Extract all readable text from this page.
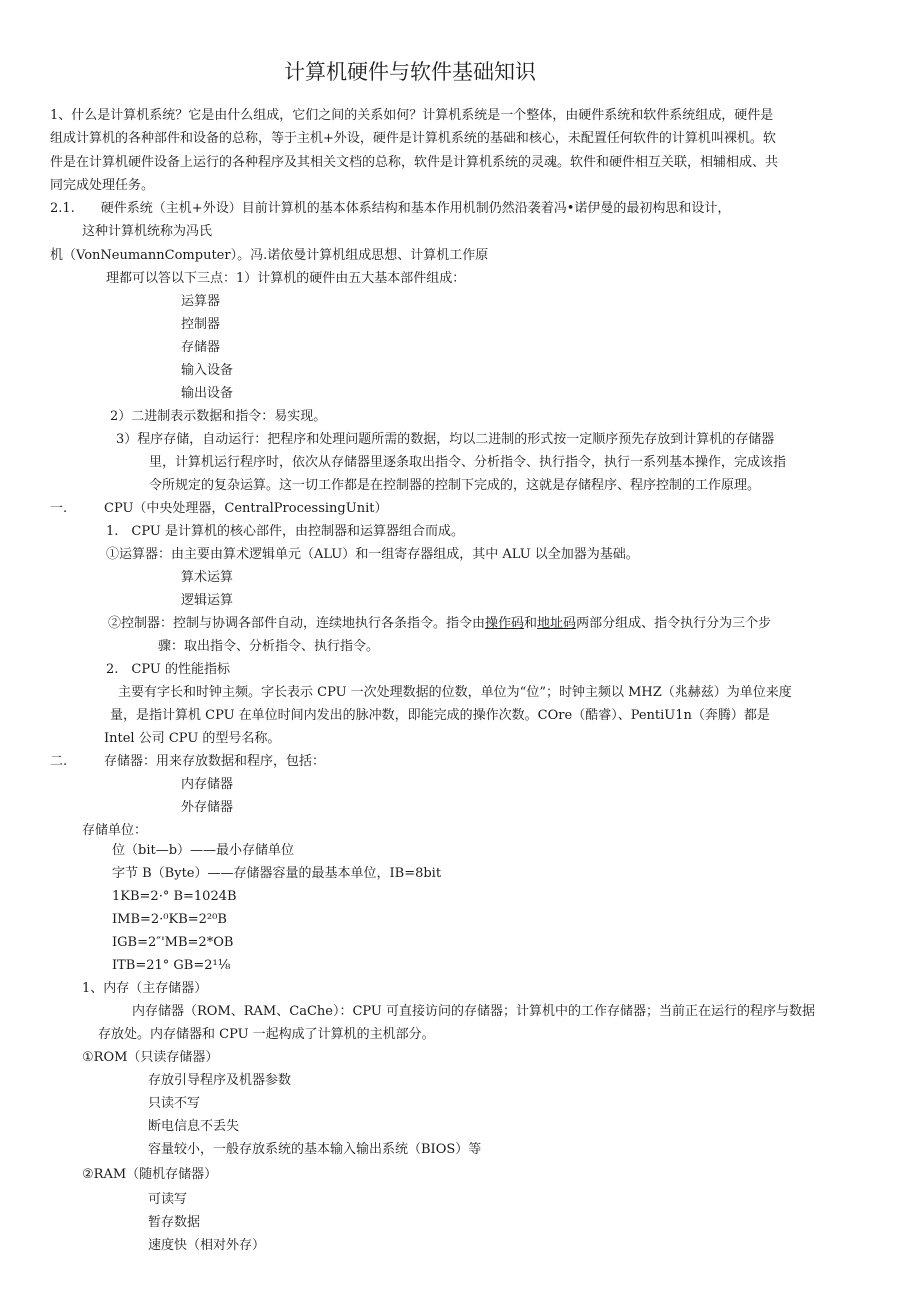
计算机硬件与软件基础知识

1、什么是计算机系统？它是由什么组成，它们之间的关系如何？计算机系统是一个整体，由硬件系统和软件系统组成，硬件是

组成计算机的各种部件和设备的总称，等于主机+外设，硬件是计算机系统的基础和核心，未配置任何软件的计算机叫裸机。软

件是在计算机硬件设备上运行的各种程序及其相关文档的总称，软件是计算机系统的灵魂。软件和硬件相互关联，相辅相成、共

同完成处理任务。

2.1.　　硬件系统（主机+外设）目前计算机的基本体系结构和基本作用机制仍然沿袭着冯•诺伊曼的最初构思和设计，

这种计算机统称为冯氏

机（VonNeumannComputer）。冯.诺依曼计算机组成思想、计算机工作原

理都可以答以下三点：1）计算机的硬件由五大基本部件组成：

运算器

控制器

存储器

输入设备

输出设备

2）二进制表示数据和指令：易实现。

3）程序存储，自动运行：把程序和处理问题所需的数据，均以二进制的形式按一定顺序预先存放到计算机的存储器

里，计算机运行程序时，依次从存储器里逐条取出指令、分析指令、执行指令，执行一系列基本操作，完成该指

令所规定的复杂运算。这一切工作都是在控制器的控制下完成的，这就是存储程序、程序控制的工作原理。

一.	CPU（中央处理器，CentralProcessingUnit）

1.　CPU 是计算机的核心部件，由控制器和运算器组合而成。

①运算器：由主要由算术逻辑单元（ALU）和一组寄存器组成，其中 ALU 以全加器为基础。

算术运算

逻辑运算

②控制器：控制与协调各部件自动，连续地执行各条指令。指令由操作码和地址码两部分组成、指令执行分为三个步

骤：取出指令、分析指令、执行指令。

2.　CPU 的性能指标

主要有字长和时钟主频。字长表示 CPU 一次处理数据的位数，单位为“位”；时钟主频以 MHZ（兆赫兹）为单位来度

量，是指计算机 CPU 在单位时间内发出的脉冲数，即能完成的操作次数。COre（酷睿）、PentiU1n（奔腾）都是

Intel 公司 CPU 的型号名称。

二.	存储器：用来存放数据和程序，包括：

内存储器

外存储器

存储单位：

位（bit—b）——最小存储单位

字节 B（Byte）——存储器容量的最基本单位，IB=8bit

1KB=2·° B=1024B

IMB=2·⁰KB=2²⁰B

IGB=2″'MB=2*OB

ITB=21° GB=2¹⅛

1、内存（主存储器）

内存储器（ROM、RAM、CaChe）：CPU 可直接访问的存储器；计算机中的工作存储器；当前正在运行的程序与数据

存放处。内存储器和 CPU 一起构成了计算机的主机部分。

①ROM（只读存储器）

存放引导程序及机器参数

只读不写

断电信息不丢失

容量较小，一般存放系统的基本输入输出系统（BIOS）等

②RAM（随机存储器）

可读写

暂存数据

速度快（相对外存）
